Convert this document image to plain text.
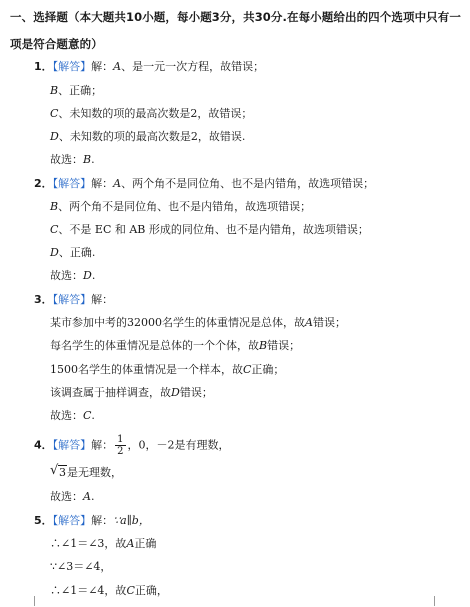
一、选择题（本大题共10小题，每小题3分，共30分.在每小题给出的四个选项中只有一
项是符合题意的）
1．【解答】解：A、是一元一次方程，故错误；
B、正确；
C、未知数的项的最高次数是2，故错误；
D、未知数的项的最高次数是2，故错误.
故选：B.
2．【解答】解：A、两个角不是同位角、也不是内错角，故选项错误；
B、两个角不是同位角、也不是内错角，故选项错误；
C、不是 EC 和 AB 形成的同位角、也不是内错角，故选项错误；
D、正确.
故选：D.
3．【解答】解：
某市参加中考的32000名学生的体重情况是总体，故A错误；
每名学生的体重情况是总体的一个个体，故B错误；
1500名学生的体重情况是一个样本，故C正确；
该调查属于抽样调查，故D错误；
故选：C.
4．【解答】解： $\frac{1}{2}$ ，0，－2是有理数，
√ 3是无理数，
故选：A.
5．【解答】解：∵a∥b，
∴∠1＝∠3，故A正确
∵∠3＝∠4，
∴∠1＝∠4，故C正确，
